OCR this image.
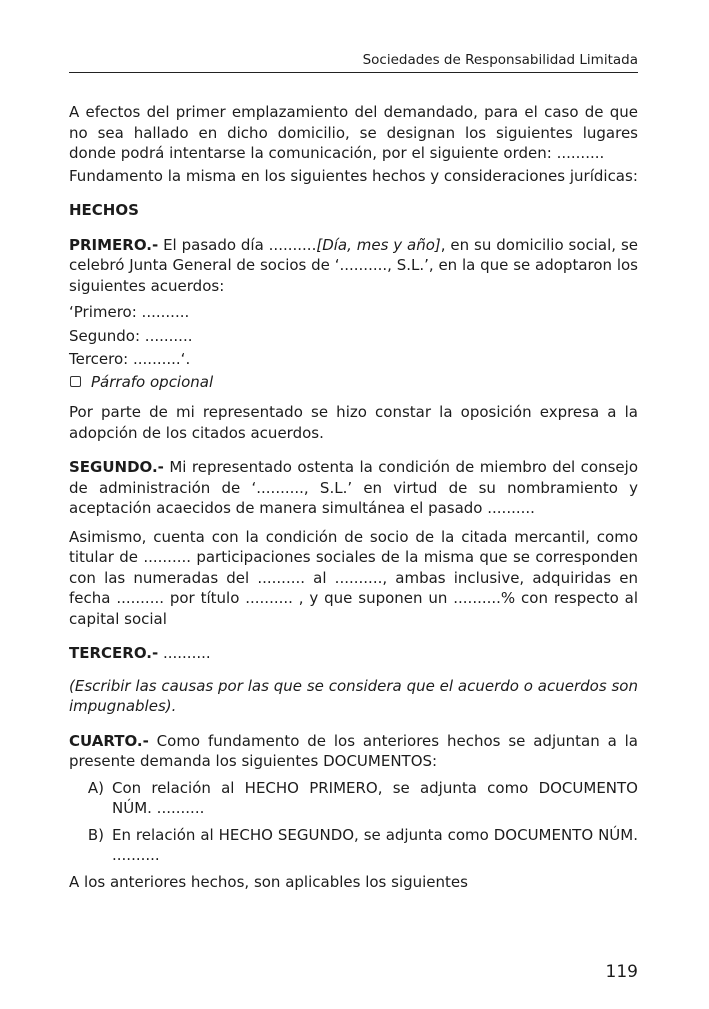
Sociedades de Responsabilidad Limitada

A efectos del primer emplazamiento del demandado, para el caso de que no sea hallado en dicho domicilio, se designan los siguientes lugares donde podrá intentarse la comunicación, por el siguiente orden: ..........

Fundamento la misma en los siguientes hechos y consideraciones jurídicas:

HECHOS

PRIMERO.- El pasado día ..........[Día, mes y año], en su domicilio social, se celebró Junta General de socios de ‘.........., S.L.’, en la que se adoptaron los siguientes acuerdos:

‘Primero: ..........

Segundo: ..........

Tercero: ..........‘.

Párrafo opcional

Por parte de mi representado se hizo constar la oposición expresa a la adopción de los citados acuerdos.

SEGUNDO.- Mi representado ostenta la condición de miembro del consejo de administración de ‘.........., S.L.’ en virtud de su nombramiento y aceptación acaecidos de manera simultánea el pasado ..........

Asimismo, cuenta con la condición de socio de la citada mercantil, como titular de .......... participaciones sociales de la misma que se corresponden con las numeradas del .......... al .........., ambas inclusive, adquiridas en fecha .......... por título .......... , y que suponen un ..........% con respecto al capital social

TERCERO.- ..........

(Escribir las causas por las que se considera que el acuerdo o acuerdos son impugnables).

CUARTO.- Como fundamento de los anteriores hechos se adjuntan a la presente demanda los siguientes DOCUMENTOS:

A) Con relación al HECHO PRIMERO, se adjunta como DOCUMENTO NÚM. ..........
B) En relación al HECHO SEGUNDO, se adjunta como DOCUMENTO NÚM. ..........

A los anteriores hechos, son aplicables los siguientes

119
